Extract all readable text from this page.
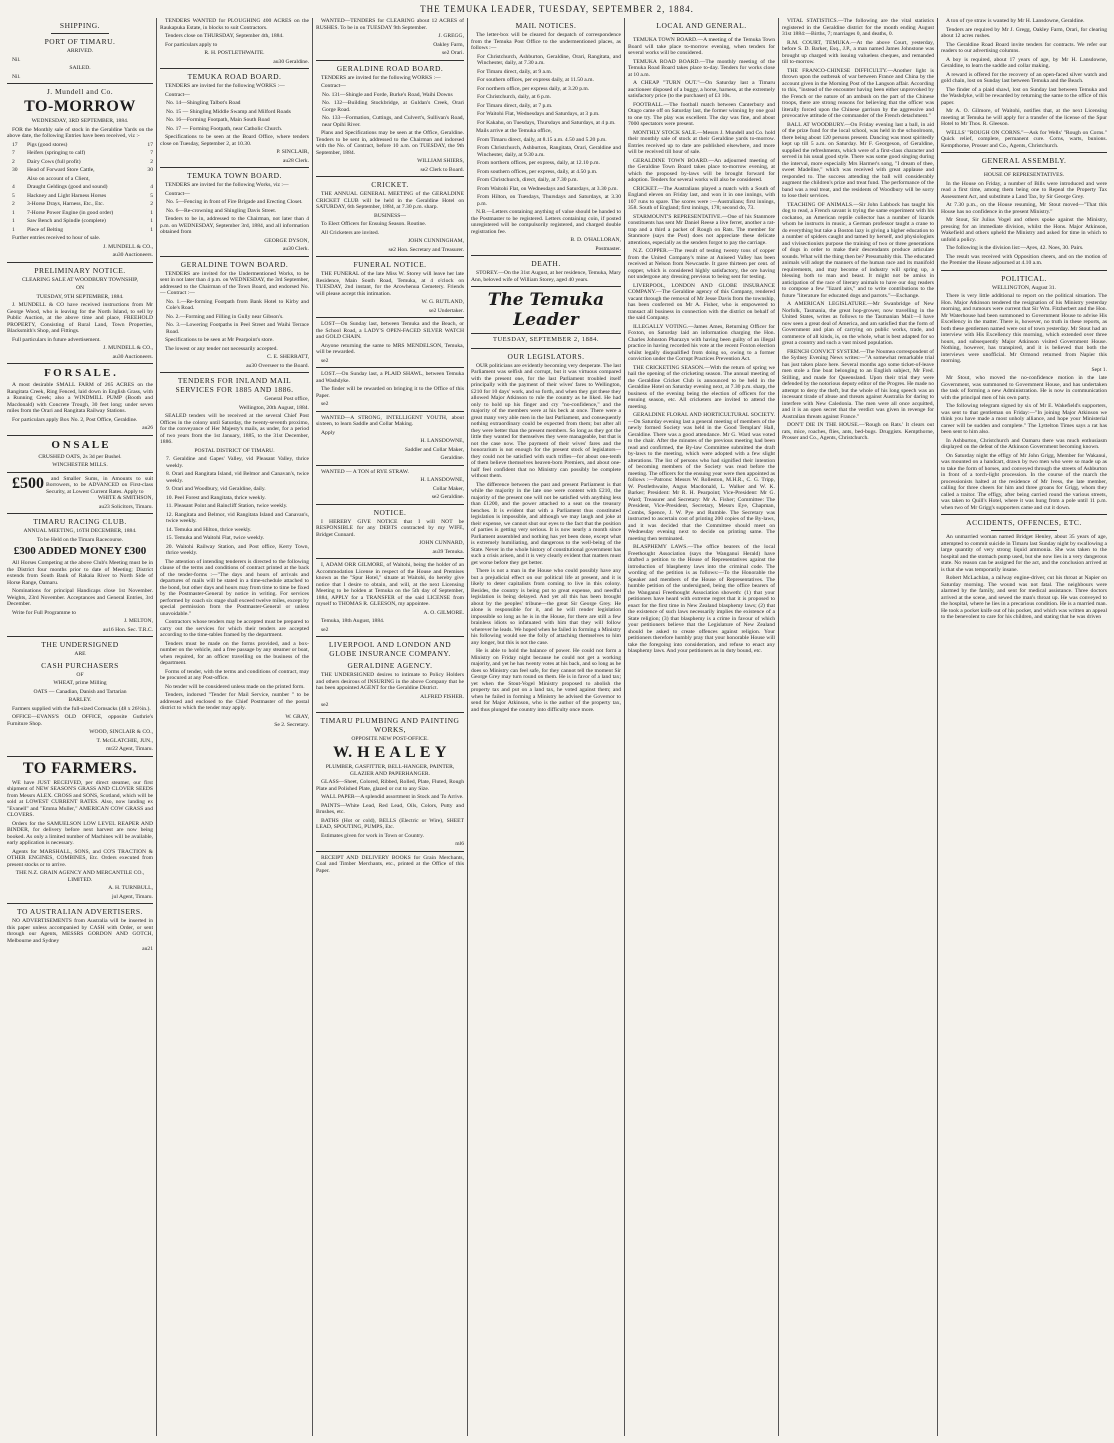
THE TEMUKA LEADER, TUESDAY, SEPTEMBER 2, 1884.
SHIPPING.
PORT OF TIMARU.

ARRIVED.

Nil.

SAILED.

Nil.

J. Mundell and Co.
TO-MORROW

WEDNESDAY, 3RD SEPTEMBER, 1884.

FOR the Monthly sale of stock in the Geraldine Yards on the above date, the following Entries have been received, viz :-

17	Pigs (good stores)	17

7	Heifers (springing to calf)	7

2	Dairy Cows (full profit)	2

30	Head of Forward Store Cattle,	30

Also on account of a Client,

4	Draught Geldings (good and sound)	4

5	Hackney and Light Harness Horses	5

2	3-Horse Drays, Harness, Etc., Etc.	2

1	7-Horse Power Engine (in good order)	1

1	Saw Bench and Spindle (complete)	1

1	Piece of Belting	1

Further entries received to hour of sale.

J. MUNDELL & CO.,

au30 Auctioneers.

PRELIMINARY NOTICE.

CLEARING SALE AT WOODBURY TOWNSHIP,

ON

TUESDAY, 9TH SEPTEMBER, 1884.

J. MUNDELL & CO have received instructions from Mr George Wood, who is leaving for the North Island, to sell by Public Auction, at the above time and place, FREEHOLD PROPERTY, Consisting of Rural Land, Town Properties, Blacksmith's Shop, and Fittings.

Full particulars in future advertisement.

J. MUNDELL & CO.,

au30 Auctioneers.

F O R S A L E .

A most desirable SMALL FARM of 265 ACRES on the Rangitata Creek, Ring Fenced, laid down in English Grass, with a Running Creek; also a WINDMILL PUMP (Booth and Macdonald) with Concrete Trough, 30 feet long; under seven miles from the Orari and Rangitata Railway Stations.

For particulars apply Box No. 2, Post Office, Geraldine.

au26

O N S A L E

CRUSHED OATS, 2s 3d per Bushel.

WINCHESTER MILLS.

£500 and Smaller Sums, in Amounts to suit Borrowers, to be ADVANCED on First-class Security, at Lowest Current Rates. Apply to

WHITE & SMITHSON,

au23 Solicitors, Timaru.

TIMARU RACING CLUB.

ANNUAL MEETING, 16TH DECEMBER, 1884.

To be Held on the Timaru Racecourse.

£300 ADDED MONEY £300

All Horses Competing at the above Club's Meeting must be in the District four months prior to date of Meeting; District extends from South Bank of Rakaia River to North Side of Horse Range, Oamaru.

Nominations for principal Handicaps close 1st November. Weights, 23rd November. Acceptances and General Entries, 3rd December.

Write for Full Programme to

J. MELTON,

au16 Hon. Sec. T.R.C.

THE UNDERSIGNED

ARE

CASH PURCHASERS

OF

WHEAT, prime Milling

OATS — Canadian, Danish and Tartarian

BARLEY.

Farmers supplied with the full-sized Cornsacks (48 x 26½in.).

OFFICE—EVANS'S OLD OFFICE, opposite Guthrie's Furniture Shop.

WOOD, SINCLAIR & CO.,

T. McGLATCHIE, JUN.,

mr22 Agent, Timaru.

TO FARMERS.

WE have JUST RECEIVED, per direct steamer, our first shipment of NEW SEASON'S GRASS AND CLOVER SEEDS from Messrs ALEX. CROSS and SONS, Scotland, which will be sold at LOWEST CURRENT RATES. Also, now landing ex "Evanell" and "Emma Muller," AMERICAN COW GRASS and CLOVERS.

Orders for the SAMUELSON LOW LEVEL REAPER AND BINDER, for delivery before next harvest are now being booked. As only a limited number of Machines will be available, early application is necessary.

Agents for MARSHALL, SONS, and CO'S TRACTION & OTHER ENGINES, COMBINES, Etc. Orders executed from present stocks or to arrive.

THE N.Z. GRAIN AGENCY AND MERCANTILE CO., LIMITED.

A. H. TURNBULL,

jul Agent, Timaru.

TO AUSTRALIAN ADVERTISERS.

NO ADVERTISEMENTS from Australia will be inserted in this paper unless accompanied by CASH with Order, or sent through our Agents, MESSRS GORDON AND GOTCH, Melbourne and Sydney

au21

TENDERS WANTED for PLOUGHING 400 ACRES on the Raukapuka Estate, in blocks to suit Contractors.

Tenders close on THURSDAY, September 4th, 1884.

For particulars apply to

R. H. POSTLETHWAITE.

au30 Geraldine.

TEMUKA ROAD BOARD.

TENDERS are invited for the following WORKS :—

Contract—

No. 14—Shingling Talbot's Road

No. 15 — Shingling Middle Swamp and Milford Roads

No. 16—Forming Footpath, Main South Road

No. 17 — Forming Footpath, near Catholic Church.

Specifications to be seen at the Board Office, where tenders close on Tuesday, September 2, at 10.30.

P. SINCLAIR,

au28 Clerk.

TEMUKA TOWN BOARD.

TENDERS are invited for the following Works, viz :—

Contract—

No. 5—Fencing in front of Fire Brigade and Erecting Closet.

No. 6—Re-crowning and Shingling Davis Street.

Tenders to be in, addressed to the Chairman, not later than 4 p.m. on WEDNESDAY, September 3rd, 1884, and all information obtained from

GEORGE DYSON,

au30 Clerk.

GERALDINE TOWN BOARD.

TENDERS are invited for the Undermentioned Works, to be sent in not later than 4 p.m. on WEDNESDAY, the 3rd September, addressed to the Chairman of the Town Board, and endorsed No. — Contract :—

No. 1.—Re-forming Footpath from Bank Hotel to Kirby and Cole's Road.

No. 2.—Forming and Filling in Gully near Gibson's.

No. 3.—Lowering Footpaths in Peel Street and Waihi Terrace Road.

Specifications to be seen at Mr Pearpoint's store.

The lowest or any tender not necessarily accepted.

C. E. SHERRATT,

au30 Overseer to the Board.

TENDERS FOR INLAND MAIL SERVICES FOR 1885 AND 1886.

General Post office,

Wellington, 20th August, 1884.

SEALED tenders will be received at the several Chief Post Offices in the colony until Saturday, the twenty-seventh proximo, for the conveyance of Her Majesty's mails, as under, for a period of two years from the 1st January, 1885, to the 31st December, 1886.

POSTAL DISTRICT OF TIMARU.

7. Geraldine and Gapes' Valley, vid Pleasant Valley, thrice weekly.

8. Orari and Rangitata Island, vid Belmor and Canavan's, twice weekly.

9. Orari and Woodbury, vid Geraldine, daily.

10. Peel Forest and Rangitata, thrice weekly.

11. Pleasant Point and Raincliff Station, twice weekly.

12. Rangitata and Belmor, vid Rangitata Island and Canavan's, twice weekly.

14. Temuka and Hilton, thrice weekly.

15. Temuka and Waitohi Flat, twice weekly.

20. Waitohi Railway Station, and Post office, Kerry Town, thrice weekly.

The attention of intending tenderers is directed to the following clause of the terms and conditions of contract printed at the back of the tender-forms :—"The days and hours of arrivals and departures of mails will be stated in a time-schedule attached to the bond, but other days and hours may from time to time be fixed by the Postmaster-General by notice in writing. For services performed by coach six stage shall exceed twelve miles, except by special permission from the Postmaster-General or unless unavoidable."

Contractors whose tenders may be accepted must be prepared to carry out the services for which their tenders are accepted according to the time-tables framed by the department.

Tenders must be made on the forms provided, and a box-number on the vehicle, and a free passage by any steamer or boat, when required, for an officer travelling on the business of the department.

Forms of tender, with the terms and conditions of contract, may be procured at any Post-office.

No tender will be considered unless made on the printed form.

Tenders, indorsed "Tender for Mail Service, number " to be addressed and enclosed to the Chief Postmaster of the postal district to which the tender may apply.

W. GRAY,

Se 2. Secretary.

WANTED—TENDERS for CLEARING about 12 ACRES of RUSHES. To be in on TUESDAY 9th September.

J. GREGG,

Oakley Farm,

se2 Orari.

GERALDINE ROAD BOARD.

TENDERS are invited for the following WORKS :—

Contract—

No. 131—Shingle and Forde, Burke's Road, Waihi Downs

No. 132—Building Stockbridge, at Guldan's Creek, Orari Gorge Road.

No. 133—Formation, Cuttings, and Culvert's, Sullivan's Road, near Opihi River.

Plans and Specifications may be seen at the Office, Geraldine. Tenders to be sent in, addressed to the Chairman and indorsed with the No. of Contract, before 10 a.m. on TUESDAY, the 9th September, 1884.

WILLIAM SHIERS,

se2 Clerk to Board.

CRICKET.

THE ANNUAL GENERAL MEETING of the GERALDINE CRICKET CLUB will be held in the Geraldine Hotel on SATURDAY, 6th September, 1884, at 7.30 p.m. sharp.

BUSINESS—

To Elect Officers for Ensuing Season. Routine.

All Cricketers are invited.

JOHN CUNNINGHAM,

se2 Hon. Secretary and Treasurer.

FUNERAL NOTICE.

THE FUNERAL of the late Miss W. Storey will leave her late Residence, Main South Road, Temuka, at 4 o'clock on TUESDAY, 2nd instant, for the Arowhenua Cemetery. Friends will please accept this intimation.

W. G. RUTLAND,

se2 Undertaker.

LOST—On Sunday last, between Temuka and the Beach, or the School Road, a LADY'S OPEN-FACED SILVER WATCH and GOLD CHAIN.

Anyone returning the same to MRS MENDELSON, Temuka, will be rewarded.

se2

LOST.—On Sunday last, a PLAID SHAWL, between Temuka and Washdyke.

The finder will be rewarded on bringing it to the Office of this Paper.

se2

WANTED—A STRONG, INTELLIGENT YOUTH, about sixteen, to learn Saddle and Collar Making.

Apply

H. LANSDOWNE,

Saddler and Collar Maker,

Geraldine.

WANTED — A TON of RYE STRAW.

H. LANSDOWNE,

Collar Maker,

se2 Geraldine.

NOTICE.

I HEREBY GIVE NOTICE that I will NOT be RESPONSIBLE for any DEBTS contracted by my WIFE, Bridget Cunnard.

JOHN CUNNARD,

au39 Temuka.

I, ADAM ORR GILMORE, of Waitohi, being the holder of an Accommodation License in respect of the House and Premises known as the "Spur Hotel," situate at Waitohi, do hereby give notice that I desire to obtain, and will, at the next Licensing Meeting to be holden at Temuka on the 5th day of September, 1884, APPLY for a TRANSFER of the said LICENSE from myself to THOMAS R. GLEESON, my appointee.

A. O. GILMORE.

Temuka, 18th August, 1884.

se2

LIVERPOOL AND LONDON AND GLOBE INSURANCE COMPANY.
GERALDINE AGENCY.

THE UNDERSIGNED desires to intimate to Policy Holders and others desirous of INSURING in the above Company that he has been appointed AGENT for the Geraldine District.

ALFRED FISHER.

se2

TIMARU PLUMBING AND PAINTING WORKS,

OPPOSITE NEW POST-OFFICE.

W. H E A L E Y

PLUMBER, GASFITTER, BELL-HANGER, PAINTER, GLAZIER AND PAPERHANGER.

GLASS—Sheet, Colored, Ribbed, Rolled, Plate, Fluted, Rough Plate and Polished Plate, glazed or cut to any Size.

WALL PAPER—A splendid assortment in Stock and To Arrive.

PAINTS—White Lead, Red Lead, Oils, Colors, Putty and Brushes, etc.

BATHS (Hot or cold), BELLS (Electric or Wire), SHEET LEAD, SPOUTING, PUMPS, Etc.

Estimates given for work in Town or Country.

ml6

RECEIPT AND DELIVERY BOOKS for Grain Merchants, Coal and Timber Merchants, etc., printed at the Office of this Paper.

MAIL NOTICES.

The letter-box will be cleared for despatch of correspondence from the Temuka Post Office to the undermentioned places, as follows :—

For Christchurch, Ashburton, Geraldine, Orari, Rangitata, and Winchester, daily, at 7.30 a.m.

For Timaru direct, daily, at 9 a.m.

For southern offices, per express daily, at 11.50 a.m.

For northern office, per express daily, at 3.20 p.m.

For Christchurch, daily, at 6 p.m.

For Timaru direct, daily, at 7 p.m.

For Waitohi Flat, Wednesdays and Saturdays, at 3 p.m.

For Kakahu, on Tuesdays, Thursdays and Saturdays, at 4 p.m.

Mails arrive at the Temuka office,

From Timaru direct, daily, at 8.15 a.m. 4.50 and 5.20 p.m.

From Christchurch, Ashburton, Rangitata, Orari, Geraldine and Winchester, daily, at 9.30 a.m.

From northern offices, per express, daily, at 12.10 p.m.

From southern offices, per express, daily, at 4.50 p.m.

From Christchurch, direct, daily, at 7.30 p.m.

From Waitohi Flat, on Wednesdays and Saturdays, at 3.30 p.m.

From Hilton, on Tuesdays, Thursdays and Saturdays, at 3.30 p.m.

N.B.—Letters containing anything of value should be handed to the Postmaster to be registered. Letters containing coin, if posted unregistered will be compulsorily registered, and charged double registration fee.

B. D. O'HALLORAN,

Postmaster.

DEATH.

STOREY.—On the 31st August, at her residence, Temuka, Mary Ann, beloved wife of William Storey, aged 40 years.

The Temuka Leader
TUESDAY, SEPTEMBER 2, 1884.
OUR LEGISLATORS.

OUR politicians are evidently becoming very desperate. The last Parliament was selfish and corrupt, but it was virtuous compared with the present one, for the last Parliament troubled itself principally with the payment of their wives' fares to Wellington, £210 for 10 days' work, and so forth, and when they got these they allowed Major Atkinson to rule the country as he liked. He had only to hold up his finger and cry "no-confidence," and the majority of the members were at his beck at once. There were a great many very able men in the last Parliament, and consequently nothing extraordinary could be expected from them; but after all they were better than the present members. So long as they got the little they wanted for themselves they were manageable, but that is not the case now. The payment of their wives' fares and the honorarium is not enough for the present stock of legislators—they could not be satisfied with such trifles—for about one-tenth of them believe themselves heaven-born Premiers, and about one-half feel confident that no Ministry can possibly be complete without them.

The difference between the past and present Parliament is that while the majority in the late one were content with £210, the majority of the present one will not be satisfied with anything less than £1200, and the power attached to a seat on the treasury benches. It is evident that with a Parliament thus constituted legislation is impossible, and although we may laugh and joke at their expense, we cannot shut our eyes to the fact that the position of parties is getting very serious. It is now nearly a month since Parliament assembled and nothing has yet been done, except what is extremely humiliating, and dangerous to the well-being of the State. Never in the whole history of constitutional government has such a crisis arisen, and it is very clearly evident that matters must get worse before they get better.

There is not a man in the House who could possibly have any but a prejudicial effect on our political life at present, and it is likely to deter capitalists from coming to live in this colony. Besides, the country is being put to great expense, and needful legislation is being delayed. And yet all this has been brought about by the peoples' tribune—the great Sir George Grey. He alone is responsible for it, and he will render legislation impossible so long as he is in the House, for there are still a few brainless idiots so infatuated with him that they will follow wherever he leads. We hoped when he failed in forming a Ministry his following would see the folly of attaching themselves to him any longer, but this is not the case.

He is able to hold the balance of power. He could not form a Ministry on Friday night because he could not get a working majority, and yet he has twenty votes at his back, and so long as he does so Ministry can feel safe, for they cannot tell the moment Sir George Grey may turn round on them. He is in favor of a land tax; yet when the Stout-Vogel Ministry proposed to abolish the property tax and put on a land tax, he voted against them; and when he failed in forming a Ministry he advised the Governor to send for Major Atkinson, who is the author of the property tax, and thus plunged the country into difficulty once more.

LOCAL AND GENERAL.

TEMUKA TOWN BOARD.—A meeting of the Temuka Town Board will take place to-morrow evening, when tenders for several works will be considered.

TEMUKA ROAD BOARD.—The monthly meeting of the Temuka Road Board takes place to-day. Tenders for works close at 10 a.m.

A CHEAP "TURN OUT."—On Saturday last a Timaru auctioneer disposed of a buggy, a horse, harness, at the extremely satisfactory price (to the purchaser) of £3 10s.

FOOTBALL.—The football match between Canterbury and Otago came off on Saturday last, the former winning by one goal to one try. The play was excellent. The day was fine, and about 7000 spectators were present.

MONTHLY STOCK SALE.—Messrs J. Mundell and Co. hold their monthly sale of stock at their Geraldine yards to-morrow. Entries received up to date are published elsewhere, and more will be received till hour of sale.

GERALDINE TOWN BOARD.—An adjourned meeting of the Geraldine Town Board takes place to-morrow evening, at which the proposed by-laws will be brought forward for adoption. Tenders for several works will also be considered.

CRICKET.—The Australians played a match with a South of England eleven on Friday last, and won it in one innings, with 107 runs to spare. The scores were :—Australians; first innings, 358. South of England; first innings, 178; second do, 73.

STARMOUNT'S REPRESENTATIVE.—One of his Stanmore constituents has sent Mr Daniel Reese a live ferret, another a rat-trap and a third a packet of Rough on Rats. The member for Stanmore (says the Post) does not appreciate these delicate attentions, especially as the senders forgot to pay the carriage.

N.Z. COPPER.—The result of testing twenty tons of copper from the United Company's mine at Aniseed Valley has been received at Nelson from Newcastle. It gave thirteen per cent. of copper, which is considered highly satisfactory, the ore having not undergone any dressing previous to being sent for testing.

LIVERPOOL, LONDON AND GLOBE INSURANCE COMPANY.—The Geraldine agency of this Company, rendered vacant through the removal of Mr Jesse Davis from the township, has been conferred on Mr A. Fisher, who is empowered to transact all business in connection with the district on behalf of the said Company.

ILLEGALLY VOTING.—James Ames, Returning Officer for Foxton, on Saturday laid an information charging the Hon. Charles Johnston Pharazyn with having been guilty of an illegal practice in having recorded his vote at the recent Foxton election whilst legally disqualified from doing so, owing to a former conviction under the Corrupt Practices Prevention Act.

THE CRICKETING SEASON.—With the return of spring we hail the opening of the cricketing season. The annual meeting of the Geraldine Cricket Club is announced to be held in the Geraldine Hotel on Saturday evening next, at 7.30 p.m. sharp, the business of the evening being the election of officers for the ensuing season, etc. All cricketers are invited to attend the meeting.

GERALDINE FLORAL AND HORTICULTURAL SOCIETY.—On Saturday evening last a general meeting of members of the newly formed Society was held in the Good Templars' Hall, Geraldine. There was a good attendance. Mr G. Ward was voted to the chair. After the minutes of the previous meeting had been read and confirmed, the By-law Committee submitted the draft by-laws to the meeting, which were adopted with a few slight alterations. The list of persons who had signified their intention of becoming members of the Society was read before the meeting. The officers for the ensuing year were then appointed as follows :—Patrons: Messrs W. Rolleston, M.H.R., C. G. Tripp, W. Postlethwaite, Angus Macdonald, L. Walker and W. K. Barker; President: Mr R. H. Pearpoint; Vice-President: Mr G. Ward; Treasurer and Secretary: Mr A. Fisher; Committee: The President, Vice-President, Secretary, Messrs Eye, Chapman, Combs, Spence, J. W. Pye and Rumble. The Secretary was instructed to ascertain cost of printing 200 copies of the By-laws, and it was decided that the Committee should meet on Wednesday evening next to decide on printing same. The meeting then terminated.

BLASPHEMY LAWS.—The office bearers of the local Freethought Association (says the Wanganui Herald) have drafted a petition to the House of Representatives against the introduction of blasphemy laws into the criminal code. The wording of the petition is as follows:—To the Honorable the Speaker and members of the House of Representatives. The humble petition of the undersigned, being the office bearers of the Wanganui Freethought Association showeth: (1) that your petitioners have heard with extreme regret that it is proposed to enact for the first time in New Zealand blasphemy laws; (2) that the existence of such laws necessarily implies the existence of a State religion; (3) that blasphemy is a crime in favour of which your petitioners believe that the Legislature of New Zealand should be asked to create offences against religion. Your petitioners therefore humbly pray that your honorable House will take the foregoing into consideration, and refuse to enact any blasphemy laws. And your petitioners as in duty bound, etc.

VITAL STATISTICS.—The following are the vital statistics registered in the Geraldine district for the month ending August 31st 1884:—Births, 7; marriages 0, and deaths, 0.

R.M. COURT, TEMUKA.—At the above Court, yesterday, before S. D. Barker, Esq., J.P., a man named James Johnstone was brought up charged with issuing valueless cheques, and remanded till to-morrow.

THE FRANCO-CHINESE DIFFICULTY.—Another light is thrown upon the outbreak of war between France and China by the account given in the Morning Post of the Langson affair. According to this, "instead of the encounter having been either unprovoked by the French or the nature of an ambush on the part of the Chinese troops, there are strong reasons for believing that the officer was literally forced upon the Chinese garrison by the aggressive and provocative attitude of the commander of the French detachment."

BALL AT WOODBURY.—On Friday evening last a ball, in aid of the prize fund for the local school, was held in the schoolroom, there being about 120 persons present. Dancing was most spiritedly kept up till 5 a.m. on Saturday. Mr F. Georgeson, of Geraldine, supplied the refreshments, which were of a first-class character and served in his usual good style. There was some good singing during the interval, more especially Mrs Harmer's song, "I dream of thee, sweet Madeline," which was received with great applause and responded to. The success attending the ball will considerably augment the children's prize and treat fund. The performance of the band was a real treat, and the residents of Woodbury will be sorry to lose their services.

TEACHING OF ANIMALS.—Sir John Lubbock has taught his dog to read, a French savant is trying the same experiment with his cockatoo, an American reptile collector has a number of lizards whom he instructs in music, a German professor taught a crane to do everything but take a Boston lazy is giving a higher education to a number of spiders caught and tamed by herself, and physiologists and vivisectionists purpose the training of two or three generations of dogs in order to make their descendants produce articulate sounds. What will the thing then be? Presumably this. The educated animals will adopt the manners of the human race and its manifold requirements, and may become of industry will spring up, a blessing both to man and beast. It might not be amiss in anticipation of the race of literary animals to have our dog readers to compose a few "lizard airs," and to write contributions to the future "literature for educated dogs and parrots."—Exchange.

A AMERICAN LEGISLATURE.—Mr Swanbridge of New Norfolk, Tasmania, the great hop-grower, now travelling in the United States, writes as follows to the Tasmanian Mail:—I have now seen a great deal of America, and am satisfied that the form of Government and plan of carrying on public works, trade, and commerce of all kinds, is, on the whole, what is best adapted for so great a country and such a vast mixed population.

FRENCH CONVICT SYSTEM.—The Noumea correspondent of the Sydney Evening News writes:—"A somewhat remarkable trial has just taken place here. Several months ago some ticket-of-leave men stole a fine boat belonging to an English subject, Mr Fred. Stilling, and made for Queensland. Upon their trial they were defended by the notorious deputy editor of the Progres. He made no attempt to deny the theft, but the whole of his long speech was an incessant tirade of abuse and threats against Australia for daring to interfere with New Caledonia. The men were all once acquitted, and it is an open secret that the verdict was given in revenge for Australian threats against France."

DON'T DIE IN THE HOUSE.—'Rough on Rats.' It clears out rats, mice, roaches, flies, ants, bed-bugs. Druggists. Kempthorne, Prosser and Co., Agents, Christchurch.

A ton of rye straw is wanted by Mr H. Lansdowne, Geraldine.

Tenders are required by Mr J. Gregg, Oakley Farm, Orari, for clearing about 12 acres rushes.

The Geraldine Road Board invite tenders for contracts. We refer our readers to our advertising columns.

A boy is required, about 17 years of age, by Mr H. Lansdowne, Geraldine, to learn the saddle and collar making.

A reward is offered for the recovery of an open-faced silver watch and gold chain, lost on Sunday last between Temuka and the Beach.

The finder of a plaid shawl, lost on Sunday last between Temuka and the Washdyke, will be rewarded by returning the same to the office of this paper.

Mr A. O. Gilmore, of Waitohi, notifies that, at the next Licensing meeting at Temuka he will apply for a transfer of the license of the Spur Hotel to Mr Thos. R. Gleeson.

WELLS' "ROUGH ON CORNS."—Ask for Wells' "Rough on Corns." Quick relief, complete, permanent cure. Corns, warts, bunions. Kempthorne, Prosser and Co., Agents, Christchurch.

GENERAL ASSEMBLY.

HOUSE OF REPRESENTATIVES.

In the House on Friday, a number of Bills were introduced and were read a first time, among them being one to Repeal the Property Tax Assessment Act, and substitute a Land Tax, by Sir George Grey.

At 7.30 p.m., on the House resuming, Mr Stout moved—"That this House has no confidence in the present Ministry."

Mr Stout, Sir Julius Vogel and others spoke against the Ministry, pressing for an immediate division, whilst the Hons. Major Atkinson, Wakefield and others upheld the Ministry and asked for time in which to unfold a policy.

The following is the division list:—Ayes, 42. Noes, 30. Pairs.

The result was received with Opposition cheers, and on the motion of the Premier the House adjourned at 4.10 a.m.

POLITICAL.

WELLINGTON, August 31.

There is very little additional to report on the political situation. The Hon. Major Atkinson tendered the resignation of his Ministry yesterday morning, and rumours were current that Sir Wm. Fitzherbert and the Hon. Mr Waterhouse had been summoned to Government House to advise His Excellency in the matter. There is, however, no truth in these reports, as both these gentlemen named were out of town yesterday. Mr Stout had an interview with His Excellency this morning, which extended over three hours, and subsequently Major Atkinson visited Government House. Nothing, however, has transpired, and it is believed that both the interviews were unofficial. Mr Ormond returned from Napier this morning.

Sept 1.

Mr Stout, who moved the no-confidence motion in the late Government, was summoned to Government House, and has undertaken the task of forming a new Administration. He is now in communication with the principal men of his own party.

The following telegram signed by six of Mr E. Wakefield's supporters, was sent to that gentleman on Friday:—"In joining Major Atkinson we think you have made a most unholy alliance, and hope your Ministerial career will be sudden and complete." The Lyttelton Times says a rat has been sent to him also.

In Ashburton, Christchurch and Oamaru there was much enthusiasm displayed on the defeat of the Atkinson Government becoming known.

On Saturday night the effigy of Mr John Grigg, Member for Wakanui, was mounted on a handcart, drawn by two men who were so made up as to take the form of horses, and conveyed through the streets of Ashburton in front of a torch-light procession. In the course of the march the processionists halted at the residence of Mr Ivess, the late member, calling for three cheers for him and three groans for Grigg, whom they called a traitor. The effigy, after being carried round the various streets, was taken to Quill's Hotel, where it was hung from a pole until 11 p.m. when two of Mr Grigg's supporters came and cut it down.

ACCIDENTS, OFFENCES, ETC.

An unmarried woman named Bridget Henley, about 35 years of age, attempted to commit suicide in Timaru last Sunday night by swallowing a large quantity of very strong liquid ammonia. She was taken to the hospital and the stomach pump used, but she now lies in a very dangerous state. No reason can be assigned for the act, and the conclusion arrived at is that she was temporarily insane.

Robert McLachlan, a railway engine-driver, cut his throat at Napier on Saturday morning. The wound was not fatal. The neighbours were alarmed by the family, and sent for medical assistance. Three doctors arrived at the scene, and sewed the man's throat up. He was conveyed to the hospital, where he lies in a precarious condition. He is a married man. He took a pocket knife out of his pocket, and which was written an appeal to the benevolent to care for his children, and stating that he was driven
